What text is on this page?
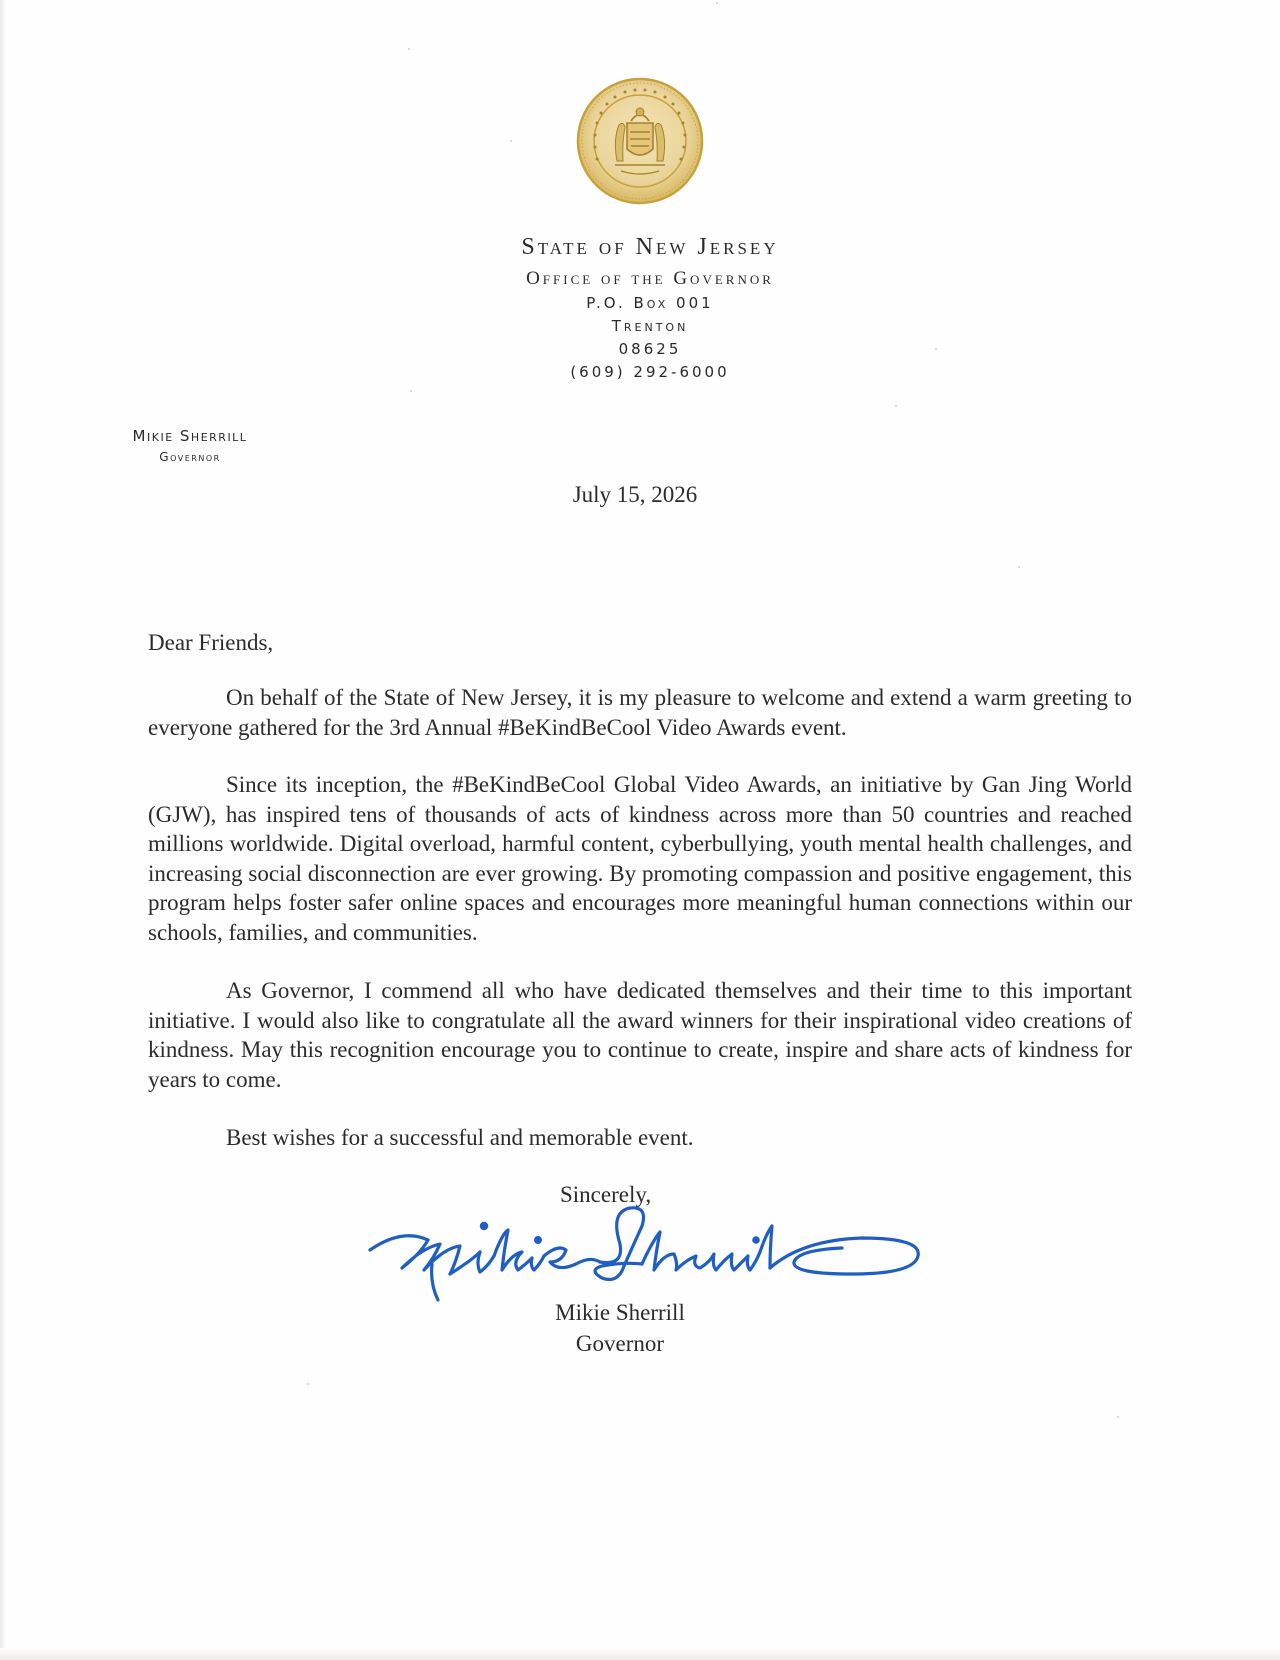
State of New Jersey
Office of the Governor
P.O. Box 001
Trenton
08625
(609) 292-6000
Mikie Sherrill
Governor
July 15, 2026
Dear Friends,
On behalf of the State of New Jersey, it is my pleasure to welcome and extend a warm greeting to everyone gathered for the 3rd Annual #BeKindBeCool Video Awards event.
Since its inception, the #BeKindBeCool Global Video Awards, an initiative by Gan Jing World (GJW), has inspired tens of thousands of acts of kindness across more than 50 countries and reached millions worldwide. Digital overload, harmful content, cyberbullying, youth mental health challenges, and increasing social disconnection are ever growing. By promoting compassion and positive engagement, this program helps foster safer online spaces and encourages more meaningful human connections within our schools, families, and communities.
As Governor, I commend all who have dedicated themselves and their time to this important initiative. I would also like to congratulate all the award winners for their inspirational video creations of kindness. May this recognition encourage you to continue to create, inspire and share acts of kindness for years to come.
Best wishes for a successful and memorable event.
Sincerely,
Mikie Sherrill
Governor
